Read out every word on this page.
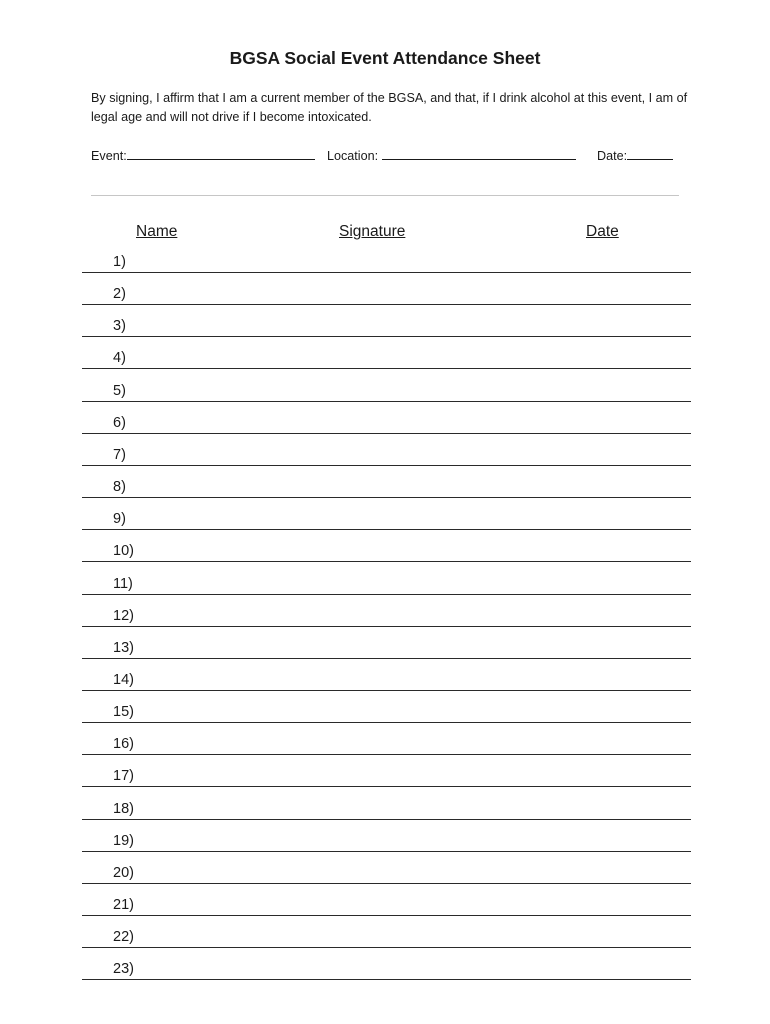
BGSA Social Event Attendance Sheet

By signing, I affirm that I am a current member of the BGSA, and that, if I drink alcohol at this event, I am of legal age and will not drive if I become intoxicated.

Event:	Location:	Date:
Name	Signature	Date
1)
2)
3)
4)
5)
6)
7)
8)
9)
10)
11)
12)
13)
14)
15)
16)
17)
18)
19)
20)
21)
22)
23)
